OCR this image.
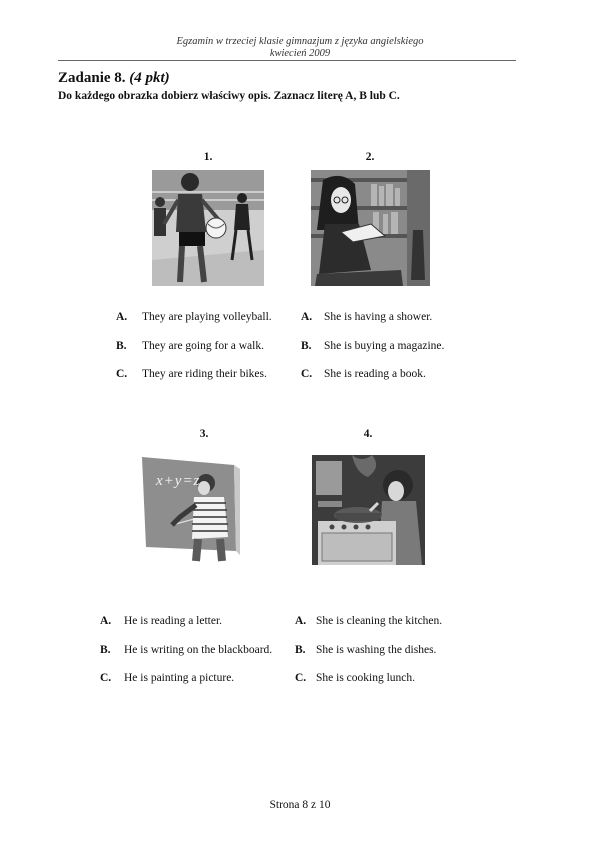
Egzamin w trzeciej klasie gimnazjum z języka angielskiego
kwiecień 2009
Zadanie 8. (4 pkt)
Do każdego obrazka dobierz właściwy opis. Zaznacz literę A, B lub C.
1.
A. They are playing volleyball.
B. They are going for a walk.
C. They are riding their bikes.
2.
A. She is having a shower.
B. She is buying a magazine.
C. She is reading a book.
3.
x+y=z
A. He is reading a letter.
B. He is writing on the blackboard.
C. He is painting a picture.
4.
A. She is cleaning the kitchen.
B. She is washing the dishes.
C. She is cooking lunch.
Strona 8 z 10
